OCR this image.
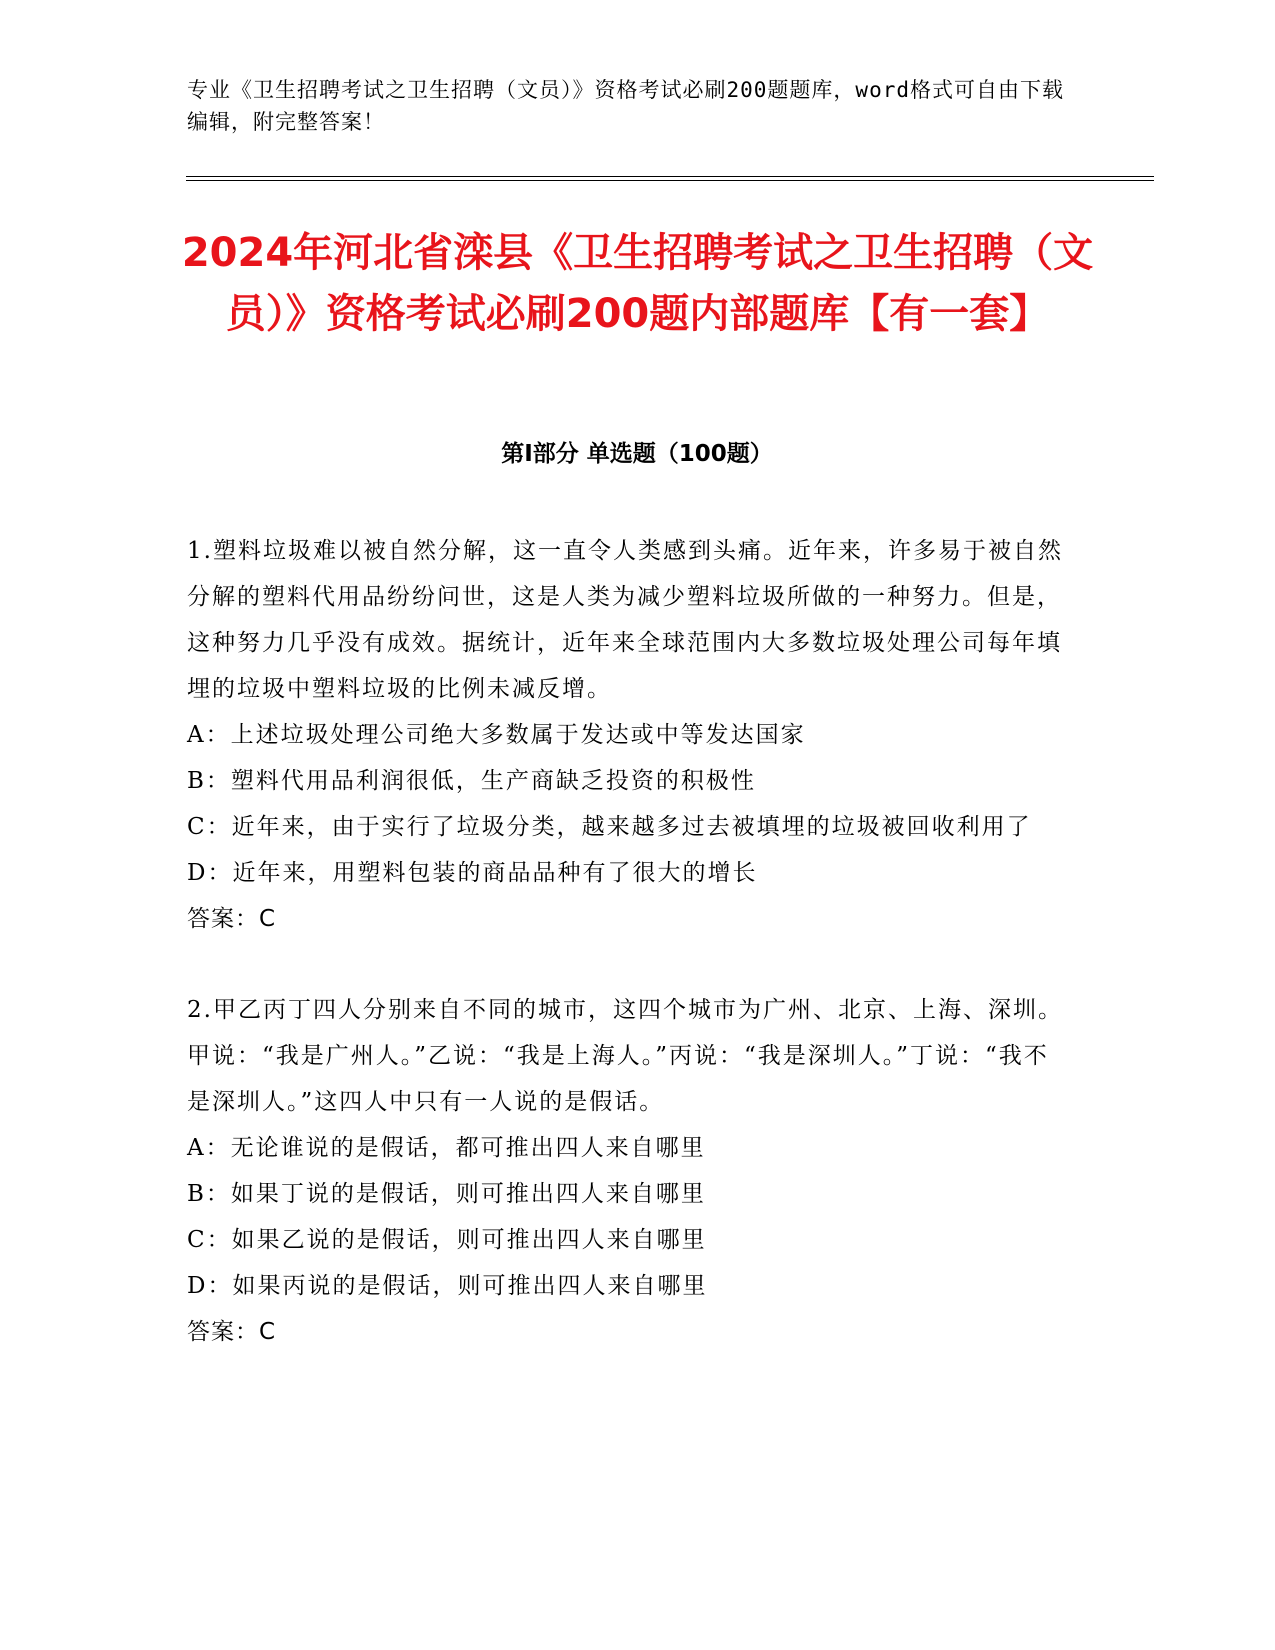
专业《卫生招聘考试之卫生招聘（文员）》资格考试必刷200题题库，word格式可自由下载编辑，附完整答案！
2024年河北省滦县《卫生招聘考试之卫生招聘（文员）》资格考试必刷200题内部题库【有一套】
第Ⅰ部分 单选题（100题）

1.塑料垃圾难以被自然分解，这一直令人类感到头痛。近年来，许多易于被自然分解的塑料代用品纷纷问世，这是人类为减少塑料垃圾所做的一种努力。但是，这种努力几乎没有成效。据统计，近年来全球范围内大多数垃圾处理公司每年填埋的垃圾中塑料垃圾的比例未减反增。

A：上述垃圾处理公司绝大多数属于发达或中等发达国家

B：塑料代用品利润很低，生产商缺乏投资的积极性

C：近年来，由于实行了垃圾分类，越来越多过去被填埋的垃圾被回收利用了

D：近年来，用塑料包装的商品品种有了很大的增长

答案：C

2.甲乙丙丁四人分别来自不同的城市，这四个城市为广州、北京、上海、深圳。甲说：“我是广州人。”乙说：“我是上海人。”丙说：“我是深圳人。”丁说：“我不是深圳人。”这四人中只有一人说的是假话。

A：无论谁说的是假话，都可推出四人来自哪里

B：如果丁说的是假话，则可推出四人来自哪里

C：如果乙说的是假话，则可推出四人来自哪里

D：如果丙说的是假话，则可推出四人来自哪里

答案：C
